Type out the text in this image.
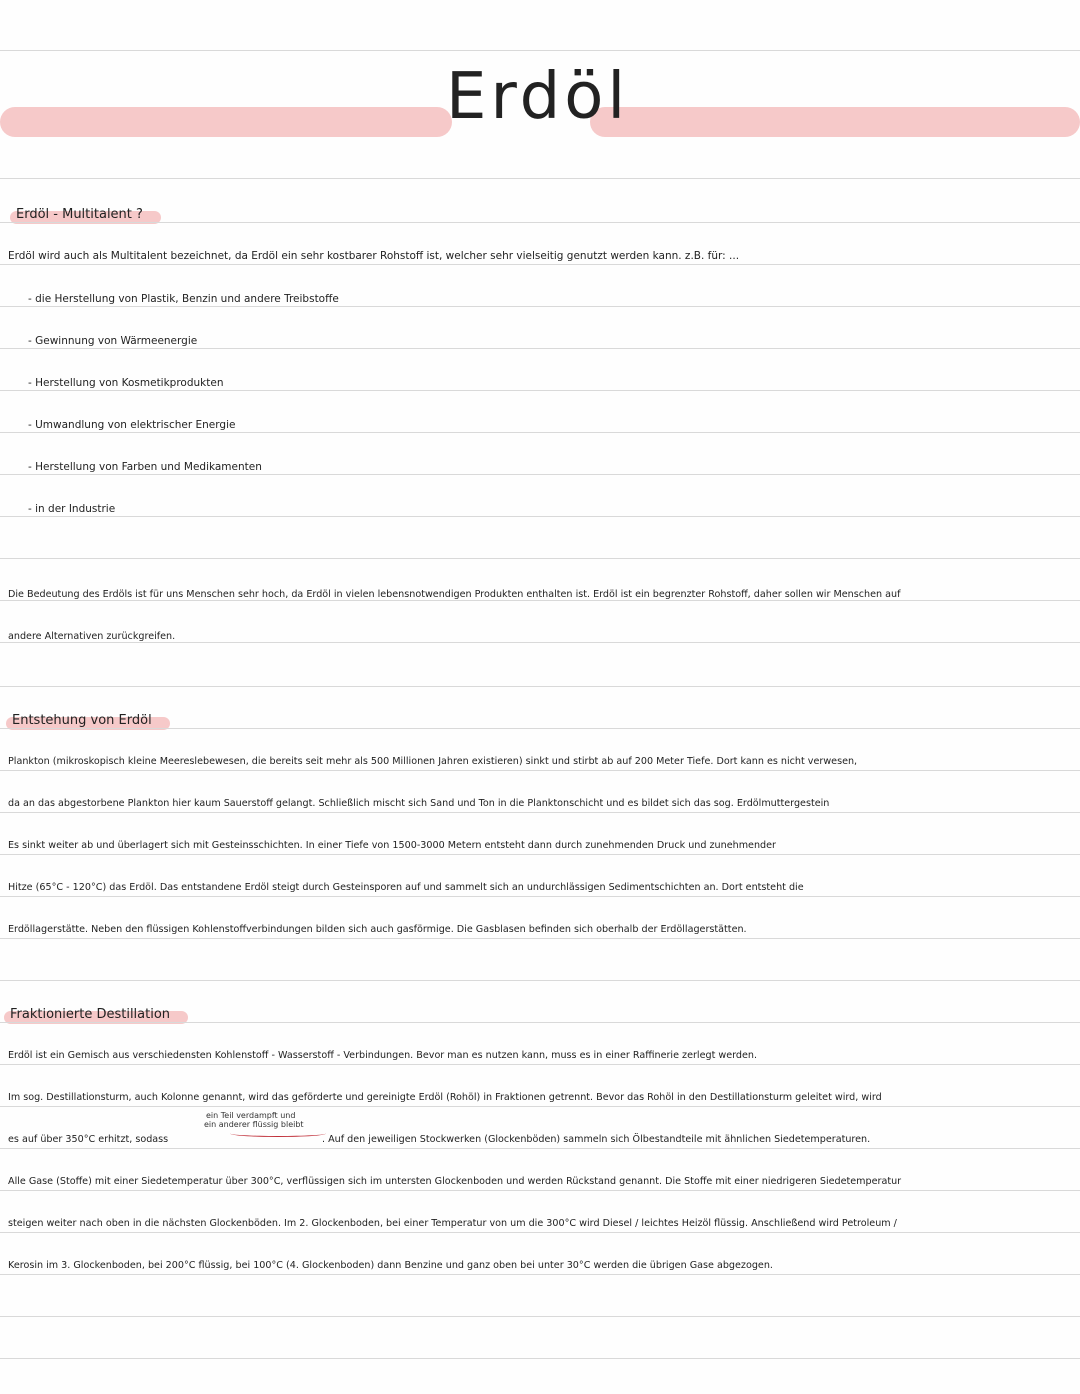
Erdöl
Erdöl - Multitalent ?
Erdöl wird auch als Multitalent bezeichnet, da Erdöl ein sehr kostbarer Rohstoff ist, welcher sehr vielseitig genutzt werden kann. z.B. für: ...
- die Herstellung von Plastik, Benzin und andere Treibstoffe
- Gewinnung von Wärmeenergie
- Herstellung von Kosmetikprodukten
- Umwandlung von elektrischer Energie
- Herstellung von Farben und Medikamenten
- in der Industrie
Die Bedeutung des Erdöls ist für uns Menschen sehr hoch, da Erdöl in vielen lebensnotwendigen Produkten enthalten ist. Erdöl ist ein begrenzter Rohstoff, daher sollen wir Menschen auf
andere Alternativen zurückgreifen.
Entstehung von Erdöl
Plankton (mikroskopisch kleine Meereslebewesen, die bereits seit mehr als 500 Millionen Jahren existieren) sinkt und stirbt ab auf 200 Meter Tiefe. Dort kann es nicht verwesen,
da an das abgestorbene Plankton hier kaum Sauerstoff gelangt. Schließlich mischt sich Sand und Ton in die Planktonschicht und es bildet sich das sog. Erdölmuttergestein
Es sinkt weiter ab und überlagert sich mit Gesteinsschichten. In einer Tiefe von 1500-3000 Metern entsteht dann durch zunehmenden Druck und zunehmender
Hitze (65°C - 120°C) das Erdöl. Das entstandene Erdöl steigt durch Gesteinsporen auf und sammelt sich an undurchlässigen Sedimentschichten an. Dort entsteht die
Erdöllagerstätte. Neben den flüssigen Kohlenstoffverbindungen bilden sich auch gasförmige. Die Gasblasen befinden sich oberhalb der Erdöllagerstätten.
Fraktionierte Destillation
Erdöl ist ein Gemisch aus verschiedensten Kohlenstoff - Wasserstoff - Verbindungen. Bevor man es nutzen kann, muss es in einer Raffinerie zerlegt werden.
Im sog. Destillationsturm, auch Kolonne genannt, wird das geförderte und gereinigte Erdöl (Rohöl) in Fraktionen getrennt. Bevor das Rohöl in den Destillationsturm geleitet wird, wird
ein Teil verdampft und
ein anderer flüssig bleibt
es auf über 350°C erhitzt, sodass	. Auf den jeweiligen Stockwerken (Glockenböden) sammeln sich Ölbestandteile mit ähnlichen Siedetemperaturen.
Alle Gase (Stoffe) mit einer Siedetemperatur über 300°C, verflüssigen sich im untersten Glockenboden und werden Rückstand genannt. Die Stoffe mit einer niedrigeren Siedetemperatur
steigen weiter nach oben in die nächsten Glockenböden. Im 2. Glockenboden, bei einer Temperatur von um die 300°C wird Diesel / leichtes Heizöl flüssig. Anschließend wird Petroleum /
Kerosin im 3. Glockenboden, bei 200°C flüssig, bei 100°C (4. Glockenboden) dann Benzine und ganz oben bei unter 30°C werden die übrigen Gase abgezogen.
